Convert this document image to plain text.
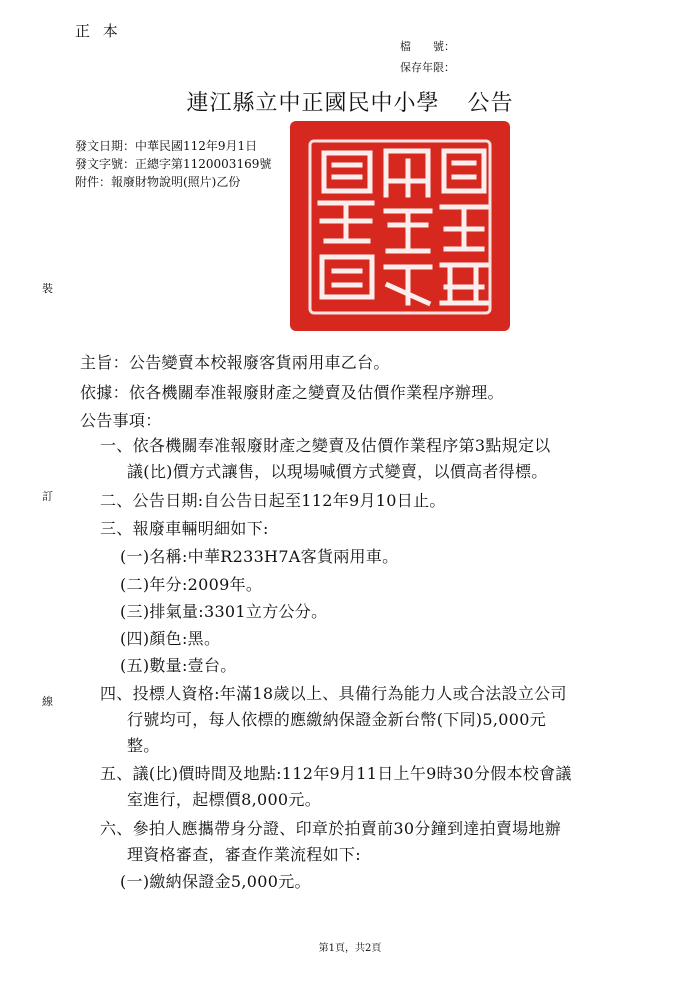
正 本
檔　　號：
保存年限：
連江縣立中正國民中小學 公告
發文日期：中華民國112年9月1日
發文字號：正總字第1120003169號
附件：報廢財物說明(照片)乙份
裝
訂
線
主旨：公告變賣本校報廢客貨兩用車乙台。
依據：依各機關奉准報廢財產之變賣及估價作業程序辦理。
公告事項：
一、依各機關奉准報廢財產之變賣及估價作業程序第3點規定以
議(比)價方式讓售，以現場喊價方式變賣，以價高者得標。
二、公告日期:自公告日起至112年9月10日止。
三、報廢車輛明細如下:
(一)名稱:中華R233H7A客貨兩用車。
(二)年分:2009年。
(三)排氣量:3301立方公分。
(四)顏色:黑。
(五)數量:壹台。
四、投標人資格:年滿18歲以上、具備行為能力人或合法設立公司
行號均可，每人依標的應繳納保證金新台幣(下同)5,000元
整。
五、議(比)價時間及地點:112年9月11日上午9時30分假本校會議
室進行，起標價8,000元。
六、參拍人應攜帶身分證、印章於拍賣前30分鐘到達拍賣場地辦
理資格審查，審查作業流程如下:
(一)繳納保證金5,000元。
第1頁，共2頁
